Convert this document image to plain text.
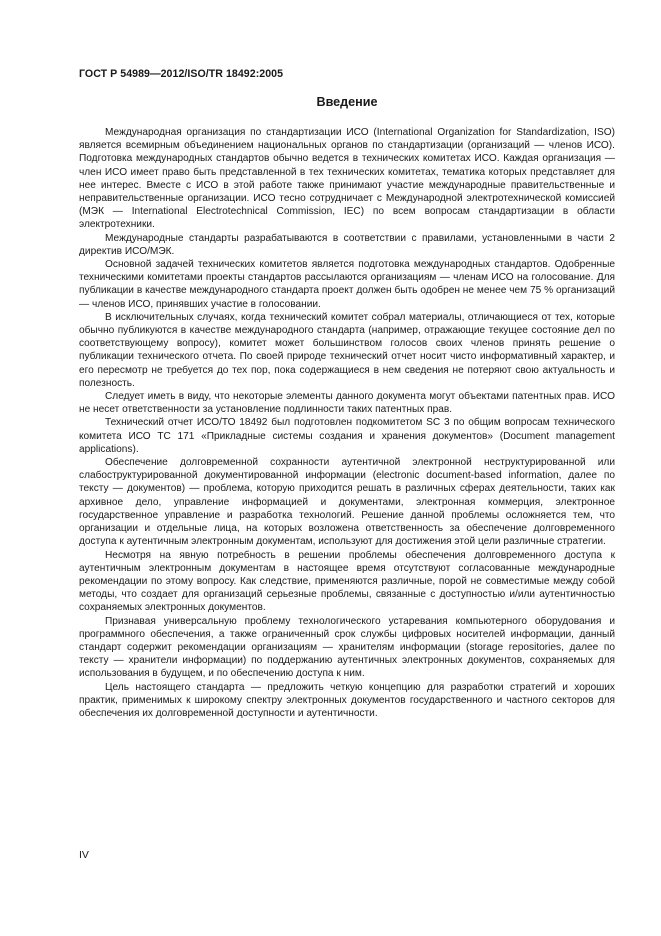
ГОСТ Р 54989—2012/ISO/TR 18492:2005
Введение

Международная организация по стандартизации ИСО (International Organization for Standardization, ISO) является всемирным объединением национальных органов по стандартизации (организаций — членов ИСО). Подготовка международных стандартов обычно ведется в технических комитетах ИСО. Каждая организация — член ИСО имеет право быть представленной в тех технических комитетах, тематика которых представляет для нее интерес. Вместе с ИСО в этой работе также принимают участие международные правительственные и неправительственные организации. ИСО тесно сотрудничает с Международной электротехнической комиссией (МЭК — International Electrotechnical Commission, IEC) по всем вопросам стандартизации в области электротехники.

Международные стандарты разрабатываются в соответствии с правилами, установленными в части 2 директив ИСО/МЭК.

Основной задачей технических комитетов является подготовка международных стандартов. Одобренные техническими комитетами проекты стандартов рассылаются организациям — членам ИСО на голосование. Для публикации в качестве международного стандарта проект должен быть одобрен не менее чем 75 % организаций — членов ИСО, принявших участие в голосовании.

В исключительных случаях, когда технический комитет собрал материалы, отличающиеся от тех, которые обычно публикуются в качестве международного стандарта (например, отражающие текущее состояние дел по соответствующему вопросу), комитет может большинством голосов своих членов принять решение о публикации технического отчета. По своей природе технический отчет носит чисто информативный характер, и его пересмотр не требуется до тех пор, пока содержащиеся в нем сведения не потеряют свою актуальность и полезность.

Следует иметь в виду, что некоторые элементы данного документа могут объектами патентных прав. ИСО не несет ответственности за установление подлинности таких патентных прав.

Технический отчет ИСО/ТО 18492 был подготовлен подкомитетом SC 3 по общим вопросам технического комитета ИСО ТС 171 «Прикладные системы создания и хранения документов» (Document management applications).

Обеспечение долговременной сохранности аутентичной электронной неструктурированной или слабоструктурированной документированной информации (electronic document-based information, далее по тексту — документов) — проблема, которую приходится решать в различных сферах деятельности, таких как архивное дело, управление информацией и документами, электронная коммерция, электронное государственное управление и разработка технологий. Решение данной проблемы осложняется тем, что организации и отдельные лица, на которых возложена ответственность за обеспечение долговременного доступа к аутентичным электронным документам, используют для достижения этой цели различные стратегии.

Несмотря на явную потребность в решении проблемы обеспечения долговременного доступа к аутентичным электронным документам в настоящее время отсутствуют согласованные международные рекомендации по этому вопросу. Как следствие, применяются различные, порой не совместимые между собой методы, что создает для организаций серьезные проблемы, связанные с доступностью и/или аутентичностью сохраняемых электронных документов.

Признавая универсальную проблему технологического устаревания компьютерного оборудования и программного обеспечения, а также ограниченный срок службы цифровых носителей информации, данный стандарт содержит рекомендации организациям — хранителям информации (storage repositories, далее по тексту — хранители информации) по поддержанию аутентичных электронных документов, сохраняемых для использования в будущем, и по обеспечению доступа к ним.

Цель настоящего стандарта — предложить четкую концепцию для разработки стратегий и хороших практик, применимых к широкому спектру электронных документов государственного и частного секторов для обеспечения их долговременной доступности и аутентичности.

IV
